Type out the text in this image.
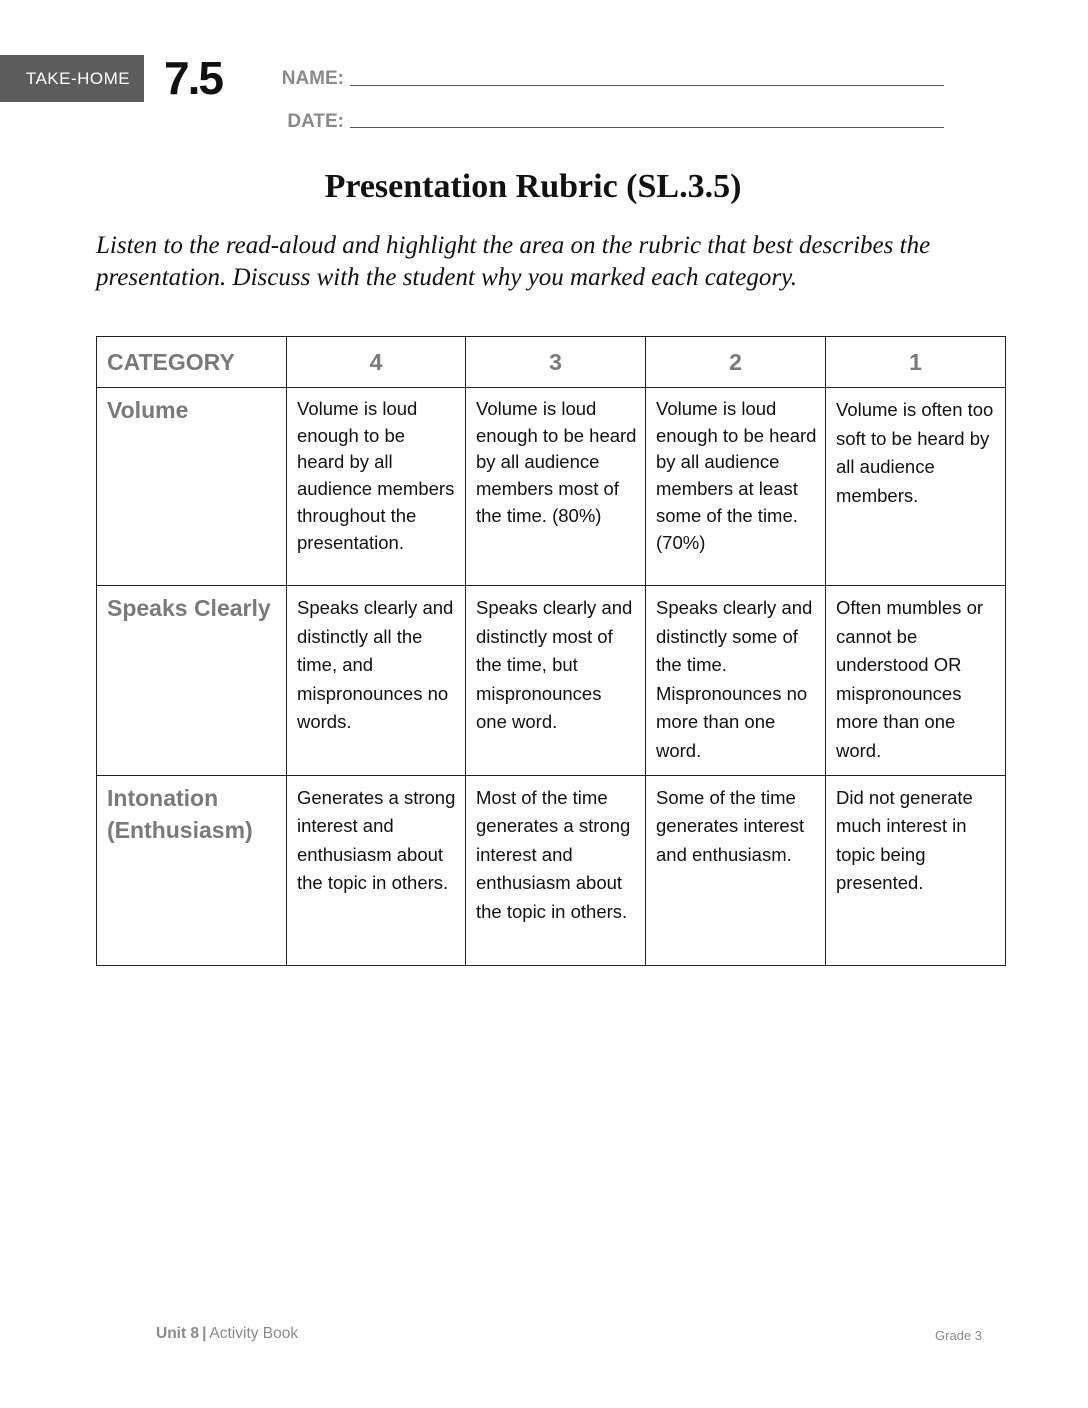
TAKE-HOME 7.5	NAME:
DATE:
Presentation Rubric (SL.3.5)
Listen to the read-aloud and highlight the area on the rubric that best describes the presentation. Discuss with the student why you marked each category.
CATEGORY	4	3	2	1
Volume	Volume is loud enough to be heard by all audience members throughout the presentation.	Volume is loud enough to be heard by all audience members most of the time. (80%)	Volume is loud enough to be heard by all audience members at least some of the time. (70%)	Volume is often too soft to be heard by all audience members.
Speaks Clearly	Speaks clearly and distinctly all the time, and mispronounces no words.	Speaks clearly and distinctly most of the time, but mispronounces one word.	Speaks clearly and distinctly some of the time. Mispronounces no more than one word.	Often mumbles or cannot be understood OR mispronounces more than one word.
Intonation (Enthusiasm)	Generates a strong interest and enthusiasm about the topic in others.	Most of the time generates a strong interest and enthusiasm about the topic in others.	Some of the time generates interest and enthusiasm.	Did not generate much interest in topic being presented.
Unit 8 | Activity Book	Grade 3
